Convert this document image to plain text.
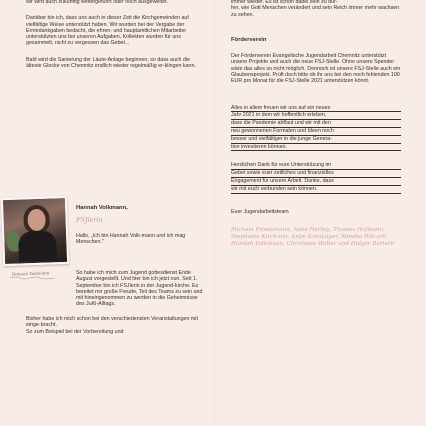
wir wird auch zukünftig weitergeführt oder noch ausgeweitet.

Dankbar bin ich, dass uns auch in dieser Zeit die Kirchgemeinden auf vielfältige Weise unterstützt haben. Wir wurden bei der Vergabe der Erntedankgaben bedacht, die ehren- und hauptamtlichen Mitarbeiter unterstützten uns bei unseren Aufgaben, Kollekten wurden für uns gesammelt, nicht zu vergessen das Gebet...

Bald wird die Sanierung der Läute-Anlage beginnen, so dass auch die älteste Glocke von Chemnitz endlich wieder regelmäßig er-klingen kann.

Hannah Volkmann

Hannah Volkmann,

FSJlerin

Hallo, „Ich bin Hannah Volk-mann und ich mag Menschen."

So habe ich mich zum Jugend gottesdienst Ende August vorgestellt. Und hier bin ich jetzt nun. Seit 1. September bin ich FSJlerin in der Jugend-kirche. Es bereitet mir große Freude, Teil des Teams zu sein und mit hineingenommen zu werden in die Geheimnisse des JuKi-Alltags.

Bisher habe ich mich schon bei den verschiedensten Veranstaltungen mit einge-bracht.

So zum Beispiel bei der Vorbereitung und

immer wieder. Es ist schön dabei sein zu dür-

fen, wie Gott Menschen verändert und sein Reich immer mehr wachsen zu sehen.

Förderverein

Der Förderverein Evangelische Jugendarbeit Chemnitz unterstützt unsere Projekte und auch die neue FSJ-Stelle. Ohne unsere Spender wäre das alles so nicht möglich. Dennoch ist unsere FSJ-Stelle auch ein Glaubensprojekt. Prüft doch bitte ob ihr uns bei den noch fehlenden 100 EUR pro Monat für die FSJ-Stelle 2021 unterstützen könnt.

Alles in allem freuen wir uns auf ein neues
Jahr 2021 in dem wir hoffentlich erleben,
dass die Pandemie abflaut und wir mit den
neu gewonnenen Formaten und Ideen noch
besser und vielfältiger in die junge Genera-
tion investieren können.
Herzlichen Dank für eure Unterstützung im
Gebet sowie euer zeitliches und finanzielles
Engagement für unsere Arbeit. Danke, dass
wir mit euch verbunden sein können.

Euer Jugendarbeitsteam

Michael Friedemann, Anne Herbig, Thomas Hofmann, Stephanie Kirch-ner, Antje Kreutziger, Monika Rüt-zell, Hannah Volkmann, Christiane Walter und Holger Bartsch
